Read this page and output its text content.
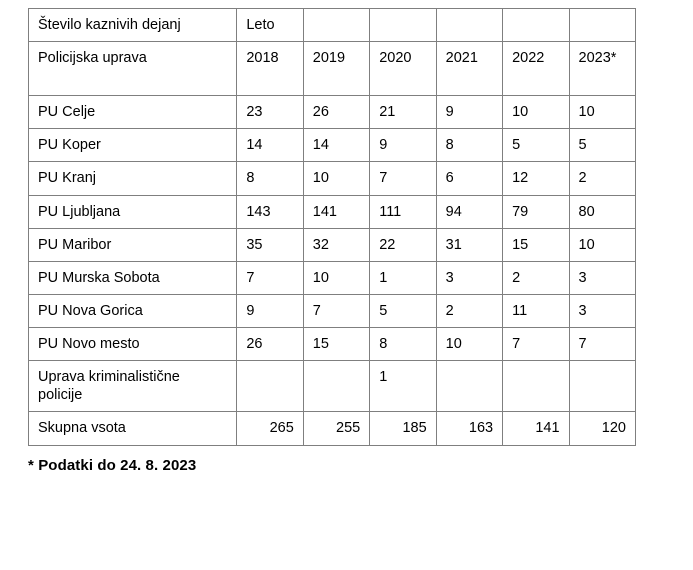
Število kaznivih dejanj	Leto					
Policijska uprava	2018	2019	2020	2021	2022	2023*

PU Celje	23	26	21	9	10	10
PU Koper	14	14	9	8	5	5
PU Kranj	8	10	7	6	12	2
PU Ljubljana	143	141	111	94	79	80
PU Maribor	35	32	22	31	15	10
PU Murska Sobota	7	10	1	3	2	3
PU Nova Gorica	9	7	5	2	11	3
PU Novo mesto	26	15	8	10	7	7
Uprava kriminalistične policije			1			
Skupna vsota	265	255	185	163	141	120
* Podatki do 24. 8. 2023
